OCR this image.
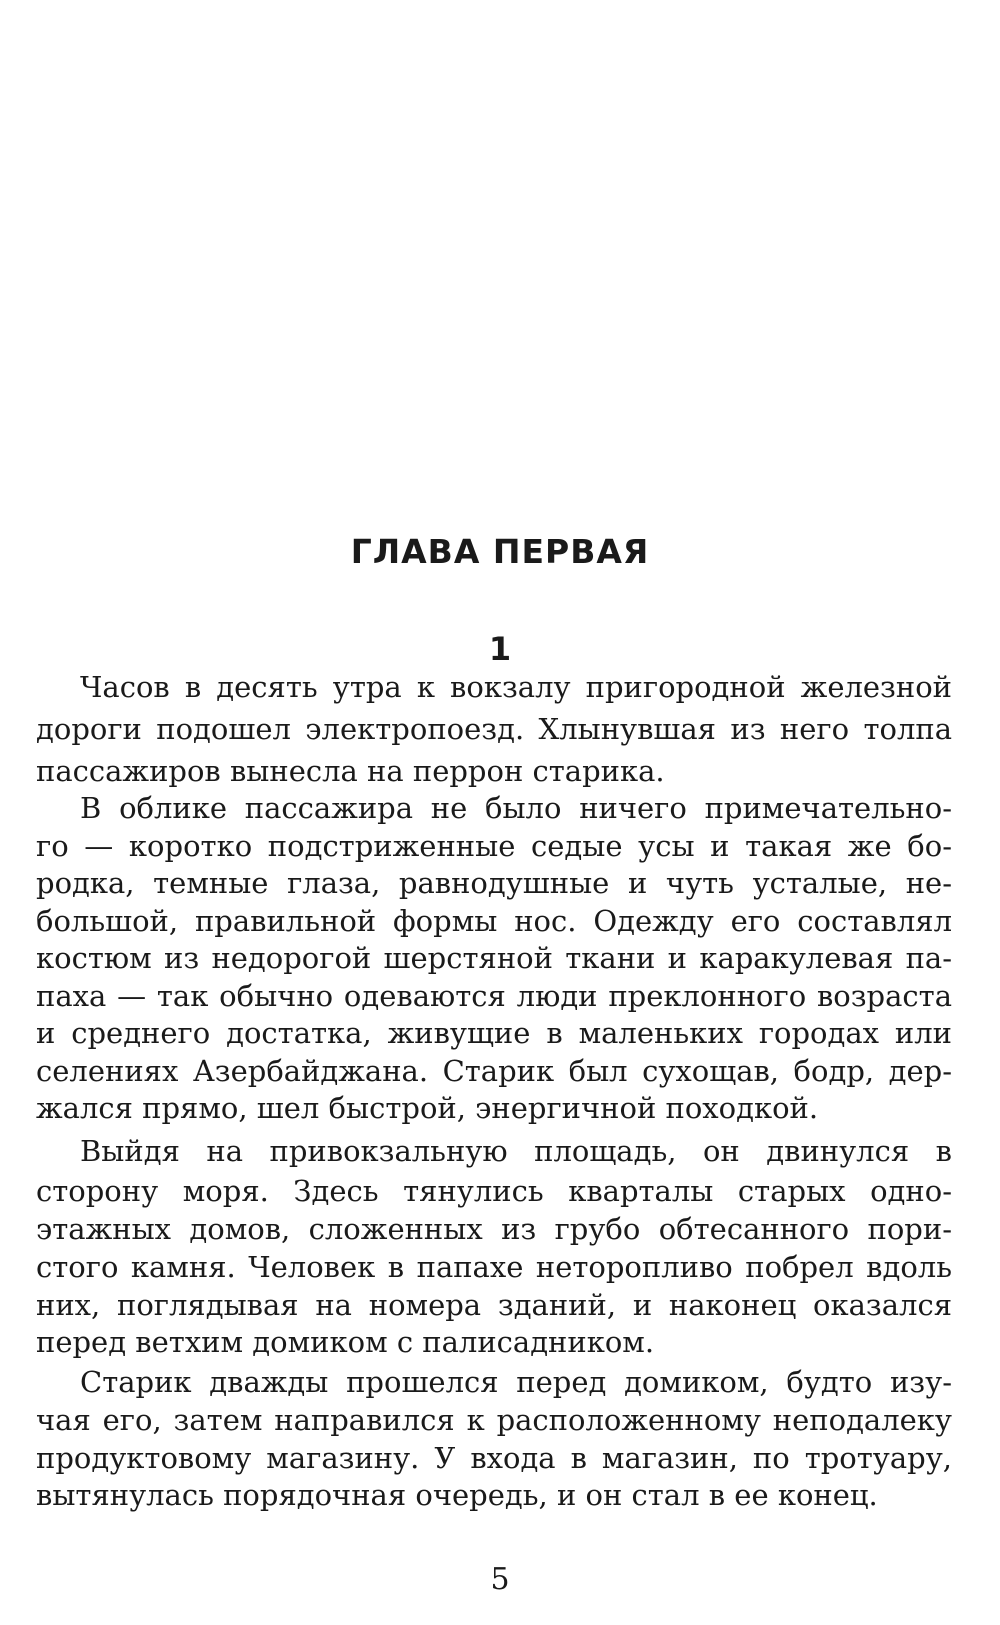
ГЛАВА ПЕРВАЯ
1
Часов в десять утра к вокзалу пригородной железной
дороги подошел электропоезд. Хлынувшая из него толпа
пассажиров вынесла на перрон старика.
В облике пассажира не было ничего примечательно-
го — коротко подстриженные седые усы и такая же бо-
родка, темные глаза, равнодушные и чуть усталые, не-
большой, правильной формы нос. Одежду его составлял
костюм из недорогой шерстяной ткани и каракулевая па-
паха — так обычно одеваются люди преклонного возраста
и среднего достатка, живущие в маленьких городах или
селениях Азербайджана. Старик был сухощав, бодр, дер-
жался прямо, шел быстрой, энергичной походкой.
Выйдя на привокзальную площадь, он двинулся в
сторону моря. Здесь тянулись кварталы старых одно-
этажных домов, сложенных из грубо обтесанного пори-
стого камня. Человек в папахе неторопливо побрел вдоль
них, поглядывая на номера зданий, и наконец оказался
перед ветхим домиком с палисадником.
Старик дважды прошелся перед домиком, будто изу-
чая его, затем направился к расположенному неподалеку
продуктовому магазину. У входа в магазин, по тротуару,
вытянулась порядочная очередь, и он стал в ее конец.
5
